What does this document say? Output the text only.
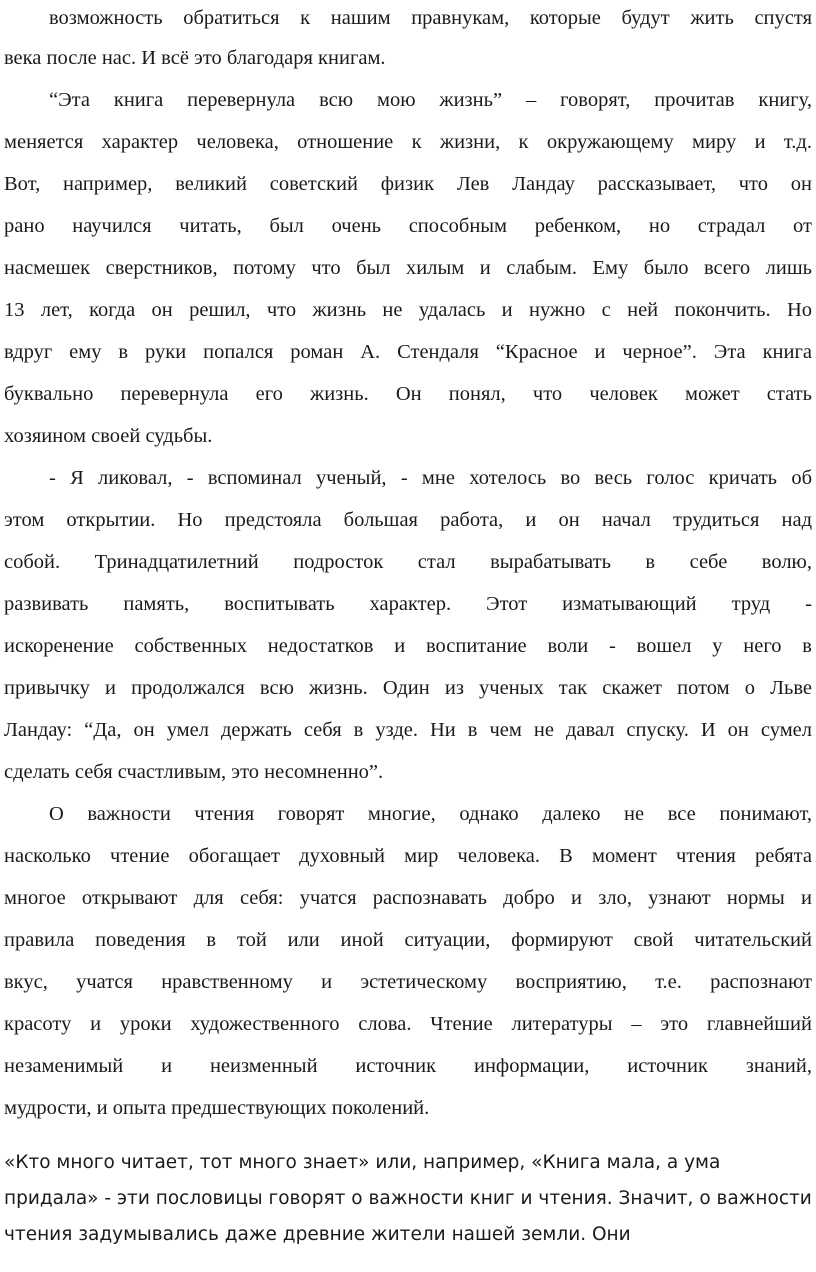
возможность обратиться к нашим правнукам, которые будут жить спустя
века после нас. И всё это благодаря книгам.
“Эта книга перевернула всю мою жизнь” – говорят, прочитав книгу,
меняется характер человека, отношение к жизни, к окружающему миру и т.д.
Вот, например, великий советский физик Лев Ландау рассказывает, что он
рано научился читать, был очень способным ребенком, но страдал от
насмешек сверстников, потому что был хилым и слабым. Ему было всего лишь
13 лет, когда он решил, что жизнь не удалась и нужно с ней покончить. Но
вдруг ему в руки попался роман А. Стендаля “Красное и черное”. Эта книга
буквально перевернула его жизнь. Он понял, что человек может стать
хозяином своей судьбы.
- Я ликовал, - вспоминал ученый, - мне хотелось во весь голос кричать об
этом открытии. Но предстояла большая работа, и он начал трудиться над
собой. Тринадцатилетний подросток стал вырабатывать в себе волю,
развивать память, воспитывать характер. Этот изматывающий труд -
искоренение собственных недостатков и воспитание воли - вошел у него в
привычку и продолжался всю жизнь. Один из ученых так скажет потом о Льве
Ландау: “Да, он умел держать себя в узде. Ни в чем не давал спуску. И он сумел
сделать себя счастливым, это несомненно”.
О важности чтения говорят многие, однако далеко не все понимают,
насколько чтение обогащает духовный мир человека. В момент чтения ребята
многое открывают для себя: учатся распознавать добро и зло, узнают нормы и
правила поведения в той или иной ситуации, формируют свой читательский
вкус, учатся нравственному и эстетическому восприятию, т.е. распознают
красоту и уроки художественного слова. Чтение литературы – это главнейший
незаменимый и неизменный источник информации, источник знаний,
мудрости, и опыта предшествующих поколений.
«Кто много читает, тот много знает» или, например, «Книга мала, а ума
придала» - эти пословицы говорят о важности книг и чтения. Значит, о важности
чтения задумывались даже древние жители нашей земли. Они
